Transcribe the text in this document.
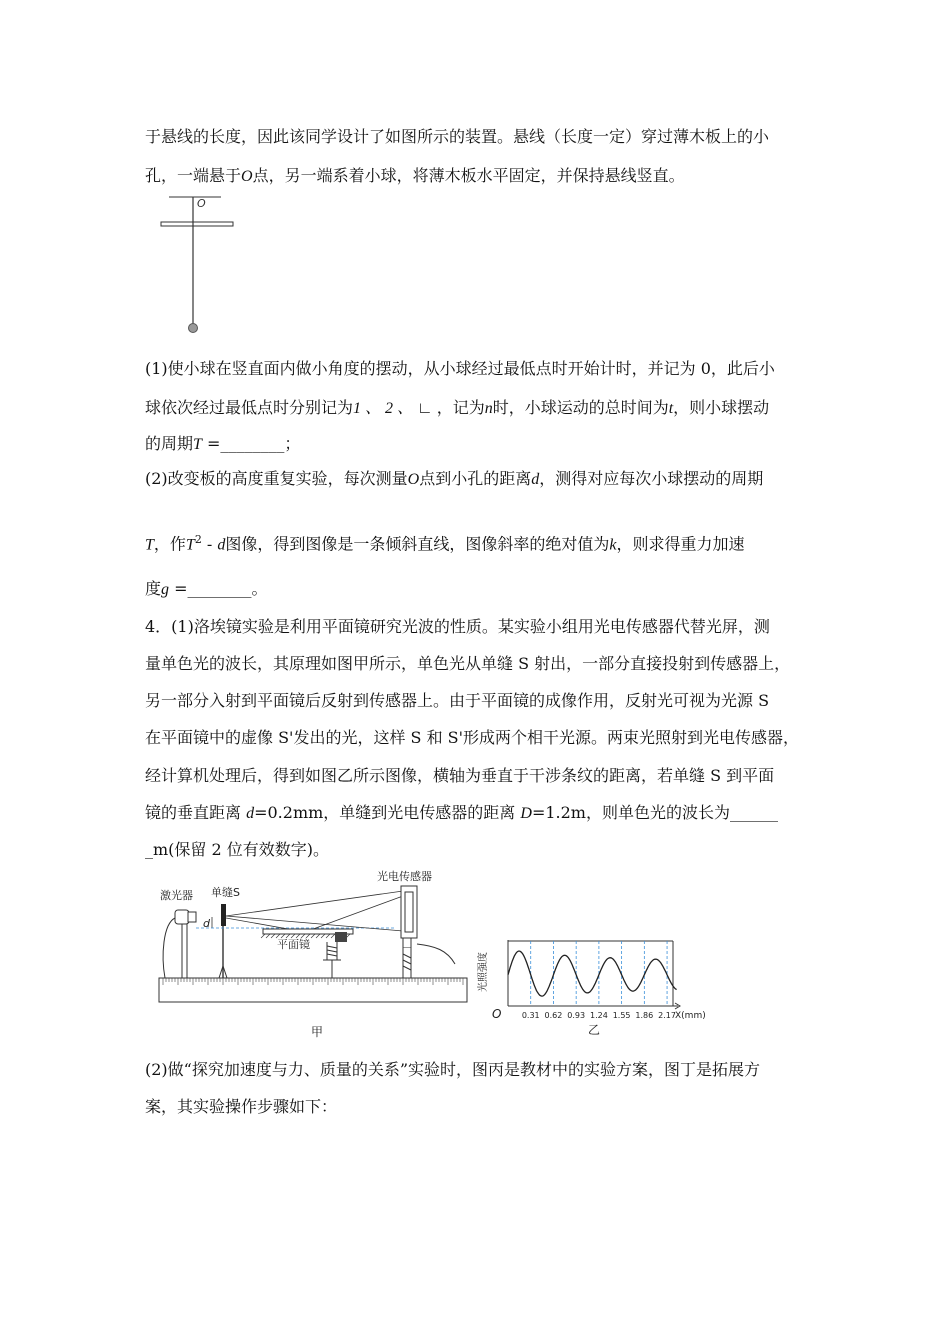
于悬线的长度，因此该同学设计了如图所示的装置。悬线（长度一定）穿过薄木板上的小
孔，一端悬于O点，另一端系着小球，将薄木板水平固定，并保持悬线竖直。
O
(1)使小球在竖直面内做小角度的摆动，从小球经过最低点时开始计时，并记为 0，此后小
球依次经过最低点时分别记为1 、 2 、 ∟ ，记为n时，小球运动的总时间为t，则小球摆动
的周期T =________；
(2)改变板的高度重复实验，每次测量O点到小孔的距离d，测得对应每次小球摆动的周期
T，作$T^2$ - d图像，得到图像是一条倾斜直线，图像斜率的绝对值为k，则求得重力加速
度g =________。
4．(1)洛埃镜实验是利用平面镜研究光波的性质。某实验小组用光电传感器代替光屏，测
量单色光的波长，其原理如图甲所示，单色光从单缝 S 射出，一部分直接投射到传感器上，
另一部分入射到平面镜后反射到传感器上。由于平面镜的成像作用，反射光可视为光源 S
在平面镜中的虚像 S'发出的光，这样 S 和 S'形成两个相干光源。两束光照射到光电传感器，
经计算机处理后，得到如图乙所示图像，横轴为垂直于干涉条纹的距离，若单缝 S 到平面
镜的垂直距离 d=0.2mm，单缝到光电传感器的距离 D=1.2m，则单色光的波长为______
_m(保留 2 位有效数字)。
激光器 单缝S
d
平面镜
光电传感器
甲
光照强度
O	0.31 0.62 0.93 1.24 1.55 1.86 2.17 X(mm)
乙
(2)做“探究加速度与力、质量的关系”实验时，图丙是教材中的实验方案，图丁是拓展方
案，其实验操作步骤如下：
